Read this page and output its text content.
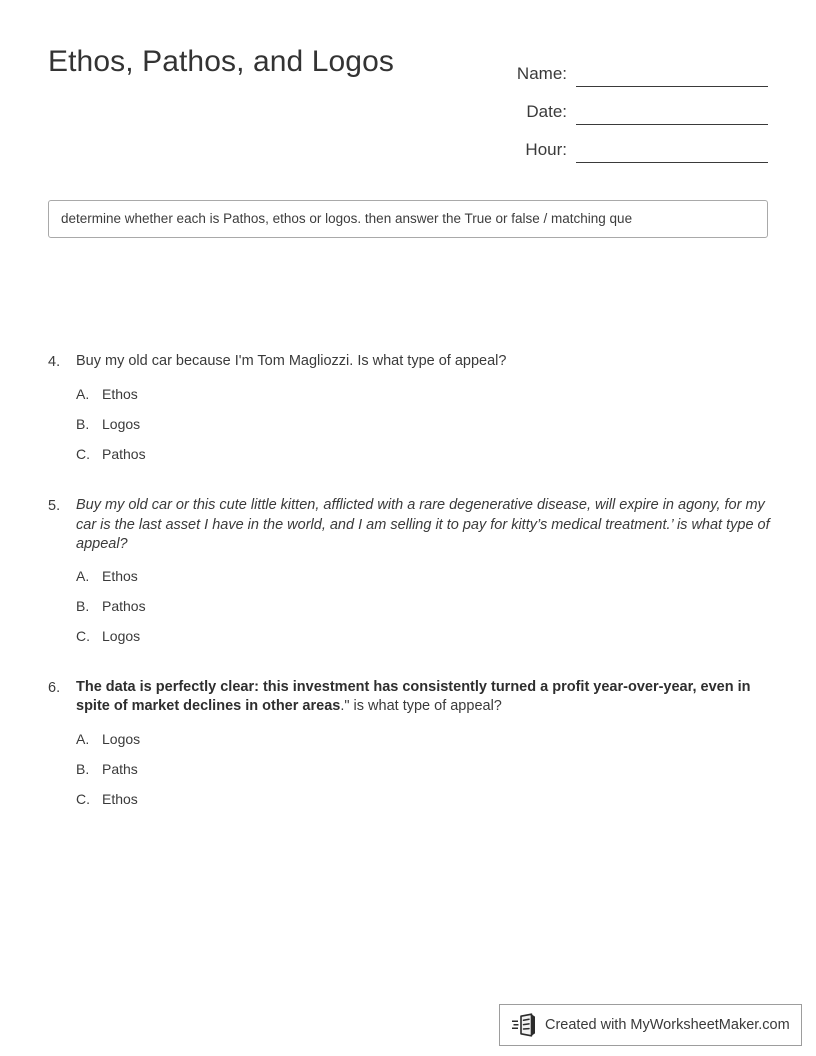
Ethos, Pathos, and Logos	Name:
Date:
Hour:
determine whether each is Pathos, ethos or logos. then answer the True or false / matching que
4.	Buy my old car because I'm Tom Magliozzi. Is what type of appeal?
A. Ethos
B. Logos
C. Pathos
5.	Buy my old car or this cute little kitten, afflicted with a rare degenerative disease, will expire in agony, for my car is the last asset I have in the world, and I am selling it to pay for kitty’s medical treatment.’ is what type of appeal?
A. Ethos
B. Pathos
C. Logos
6.	The data is perfectly clear: this investment has consistently turned a profit year-over-year, even in spite of market declines in other areas." is what type of appeal?
A. Logos
B. Paths
C. Ethos
Created with MyWorksheetMaker.com
